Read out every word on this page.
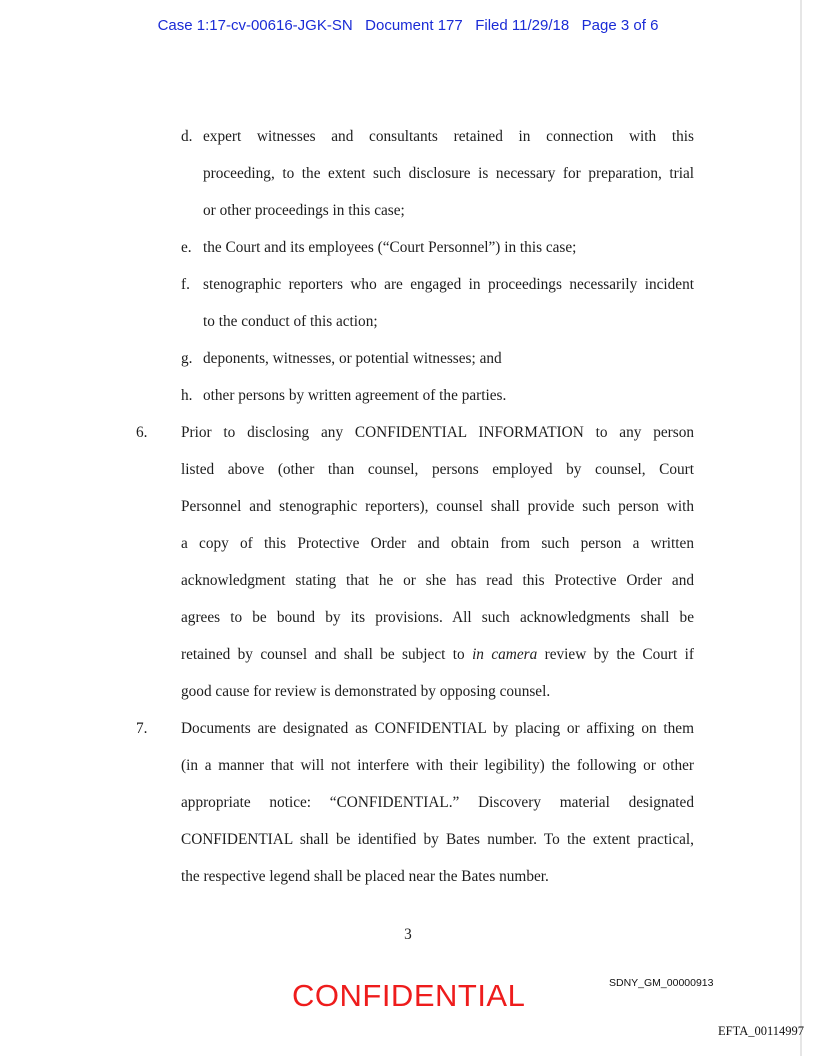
Case 1:17-cv-00616-JGK-SN   Document 177   Filed 11/29/18   Page 3 of 6
d. expert witnesses and consultants retained in connection with this
proceeding, to the extent such disclosure is necessary for preparation, trial
or other proceedings in this case;
e. the Court and its employees (“Court Personnel”) in this case;
f. stenographic reporters who are engaged in proceedings necessarily incident
to the conduct of this action;
g. deponents, witnesses, or potential witnesses; and
h. other persons by written agreement of the parties.
6. Prior to disclosing any CONFIDENTIAL INFORMATION to any person
listed above (other than counsel, persons employed by counsel, Court
Personnel and stenographic reporters), counsel shall provide such person with
a copy of this Protective Order and obtain from such person a written
acknowledgment stating that he or she has read this Protective Order and
agrees to be bound by its provisions. All such acknowledgments shall be
retained by counsel and shall be subject to in camera review by the Court if
good cause for review is demonstrated by opposing counsel.
7. Documents are designated as CONFIDENTIAL by placing or affixing on them
(in a manner that will not interfere with their legibility) the following or other
appropriate notice: “CONFIDENTIAL.” Discovery material designated
CONFIDENTIAL shall be identified by Bates number. To the extent practical,
the respective legend shall be placed near the Bates number.
3
SDNY_GM_00000913
CONFIDENTIAL
EFTA_00114997
